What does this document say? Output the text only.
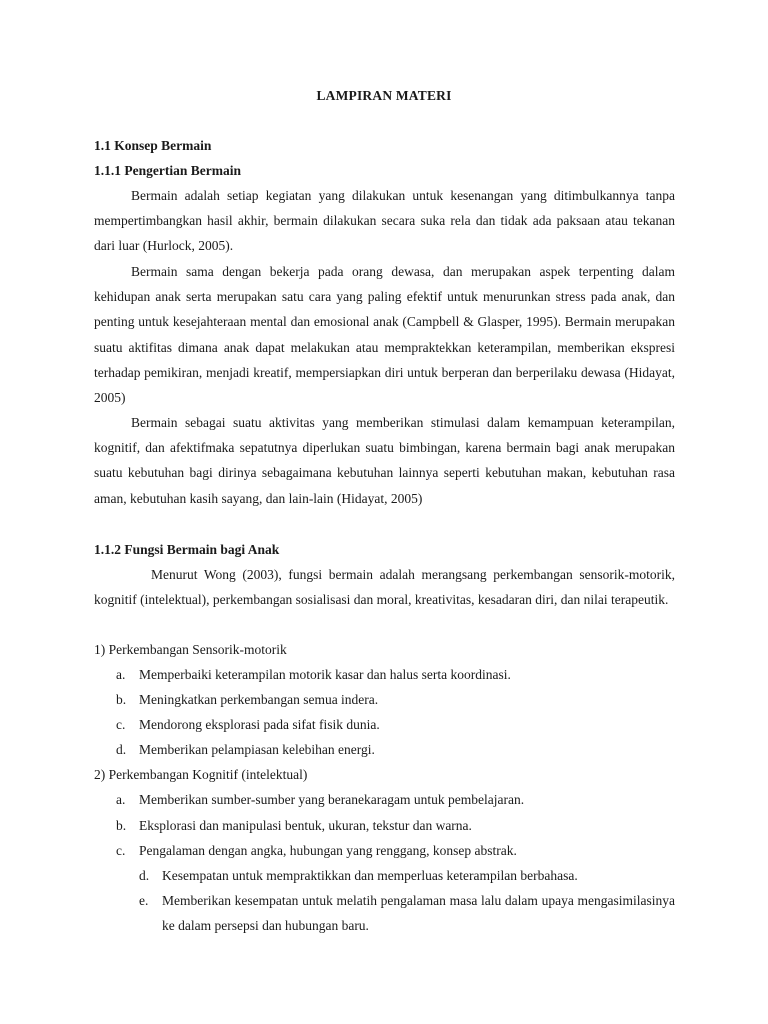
LAMPIRAN MATERI
1.1 Konsep Bermain
1.1.1 Pengertian Bermain

Bermain adalah setiap kegiatan yang dilakukan untuk kesenangan yang ditimbulkannya tanpa mempertimbangkan hasil akhir, bermain dilakukan secara suka rela dan tidak ada paksaan atau tekanan dari luar (Hurlock, 2005).

Bermain sama dengan bekerja pada orang dewasa, dan merupakan aspek terpenting dalam kehidupan anak serta merupakan satu cara yang paling efektif untuk menurunkan stress pada anak, dan penting untuk kesejahteraan mental dan emosional anak (Campbell & Glasper, 1995). Bermain merupakan suatu aktifitas dimana anak dapat melakukan atau mempraktekkan keterampilan, memberikan ekspresi terhadap pemikiran, menjadi kreatif, mempersiapkan diri untuk berperan dan berperilaku dewasa (Hidayat, 2005)

Bermain sebagai suatu aktivitas yang memberikan stimulasi dalam kemampuan keterampilan, kognitif, dan afektifmaka sepatutnya diperlukan suatu bimbingan, karena bermain bagi anak merupakan suatu kebutuhan bagi dirinya sebagaimana kebutuhan lainnya seperti kebutuhan makan, kebutuhan rasa aman, kebutuhan kasih sayang, dan lain-lain (Hidayat, 2005)

1.1.2 Fungsi Bermain bagi Anak

Menurut Wong (2003), fungsi bermain adalah merangsang perkembangan sensorik-motorik, kognitif (intelektual), perkembangan sosialisasi dan moral, kreativitas, kesadaran diri, dan nilai terapeutik.

1) Perkembangan Sensorik-motorik
a. Memperbaiki keterampilan motorik kasar dan halus serta koordinasi.
b. Meningkatkan perkembangan semua indera.
c. Mendorong eksplorasi pada sifat fisik dunia.
d. Memberikan pelampiasan kelebihan energi.
2) Perkembangan Kognitif (intelektual)
a. Memberikan sumber-sumber yang beranekaragam untuk pembelajaran.
b. Eksplorasi dan manipulasi bentuk, ukuran, tekstur dan warna.
c. Pengalaman dengan angka, hubungan yang renggang, konsep abstrak.
d. Kesempatan untuk mempraktikkan dan memperluas keterampilan berbahasa.
e. Memberikan kesempatan untuk melatih pengalaman masa lalu dalam upaya mengasimilasinya ke dalam persepsi dan hubungan baru.
